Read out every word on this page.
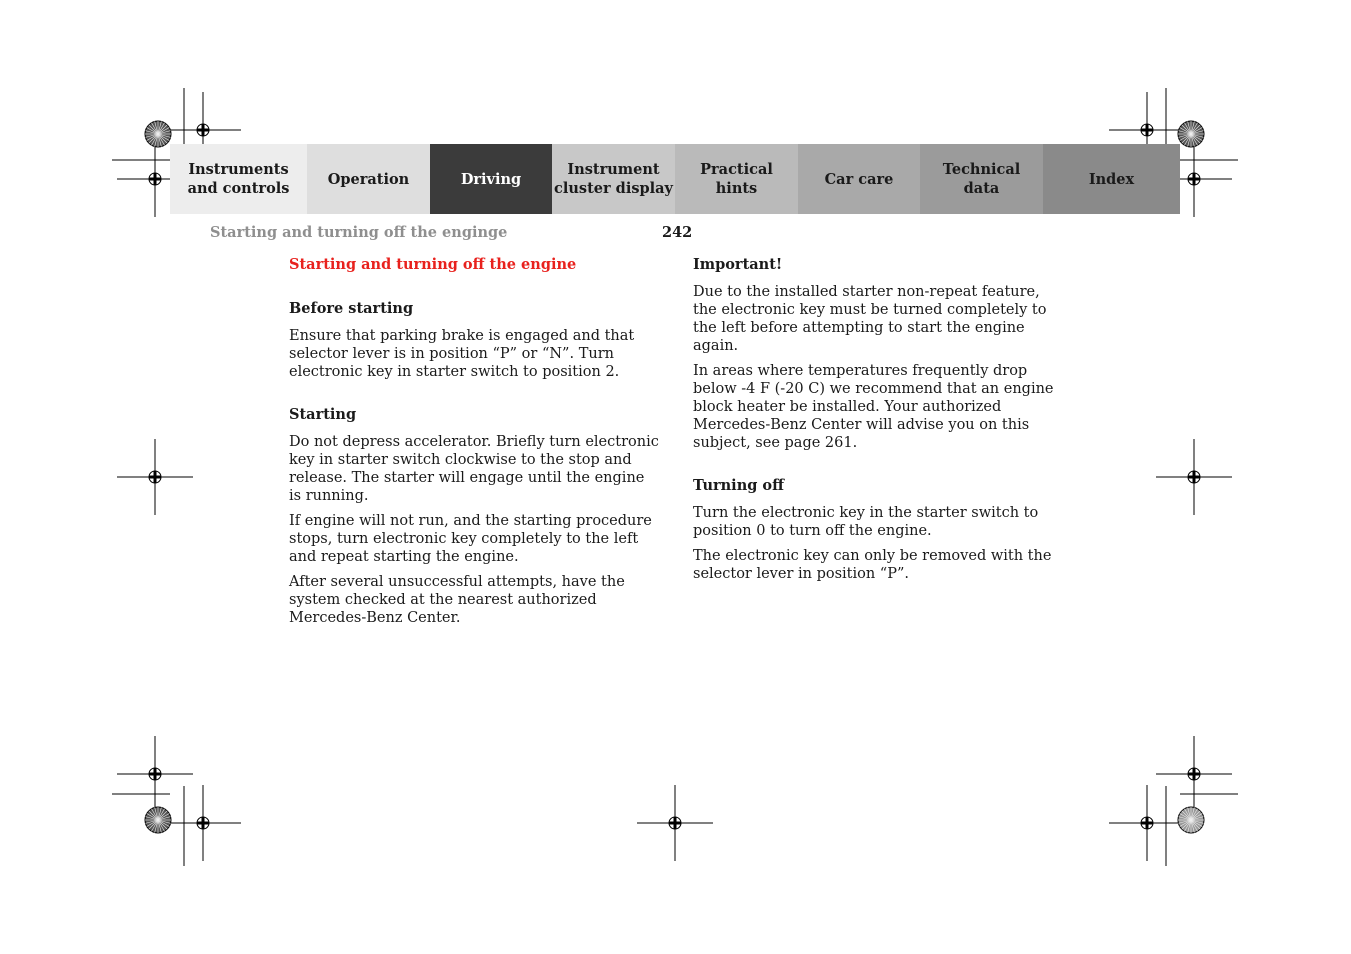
Instruments
and controls
Operation	Driving
Instrument
cluster display
Practical hints
Car care
Technical
data
Index
Starting and turning off the enginge	242
Starting and turning off the engine
Before starting

Ensure that parking brake is engaged and that selector lever is in position “P” or “N”. Turn electronic key in starter switch to position 2.

Starting

Do not depress accelerator. Briefly turn electronic key in starter switch clockwise to the stop and release. The starter will engage until the engine is running.

If engine will not run, and the starting procedure stops, turn electronic key completely to the left and repeat starting the engine.

After several unsuccessful attempts, have the system checked at the nearest authorized Mercedes-Benz Center.

Important!

Due to the installed starter non-repeat feature, the electronic key must be turned completely to the left before attempting to start the engine again.

In areas where temperatures frequently drop below -4 F (-20 C) we recommend that an engine block heater be installed. Your authorized Mercedes-Benz Center will advise you on this subject, see page 261.

Turning off

Turn the electronic key in the starter switch to position 0 to turn off the engine.

The electronic key can only be removed with the selector lever in position “P”.
